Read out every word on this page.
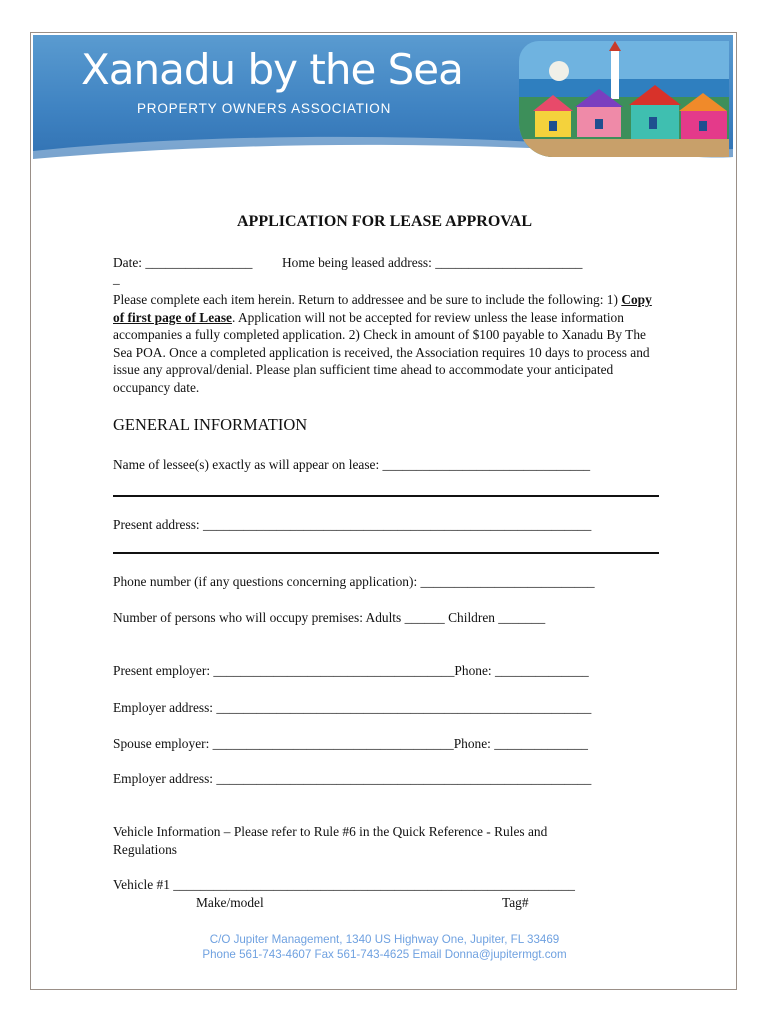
Xanadu by the Sea
PROPERTY OWNERS ASSOCIATION
APPLICATION FOR LEASE APPROVAL
Date: ________________ Home being leased address: ______________________
_
Please complete each item herein. Return to addressee and be sure to include the following: 1) Copy of first page of Lease. Application will not be accepted for review unless the lease information accompanies a fully completed application. 2) Check in amount of $100 payable to Xanadu By The Sea POA. Once a completed application is received, the Association requires 10 days to process and issue any approval/denial. Please plan sufficient time ahead to accommodate your anticipated occupancy date.
GENERAL INFORMATION
Name of lessee(s) exactly as will appear on lease: _______________________________
Present address: __________________________________________________________
Phone number (if any questions concerning application): __________________________
Number of persons who will occupy premises: Adults ______ Children _______
Present employer: ____________________________________Phone: ______________
Employer address: ________________________________________________________
Spouse employer: ____________________________________Phone: ______________
Employer address: ________________________________________________________
Vehicle Information – Please refer to Rule #6 in the Quick Reference - Rules and
Regulations
Vehicle #1 ____________________________________________________________
Make/model	Tag#
C/O Jupiter Management, 1340 US Highway One, Jupiter, FL 33469
Phone 561-743-4607 Fax 561-743-4625 Email Donna@jupitermgt.com
